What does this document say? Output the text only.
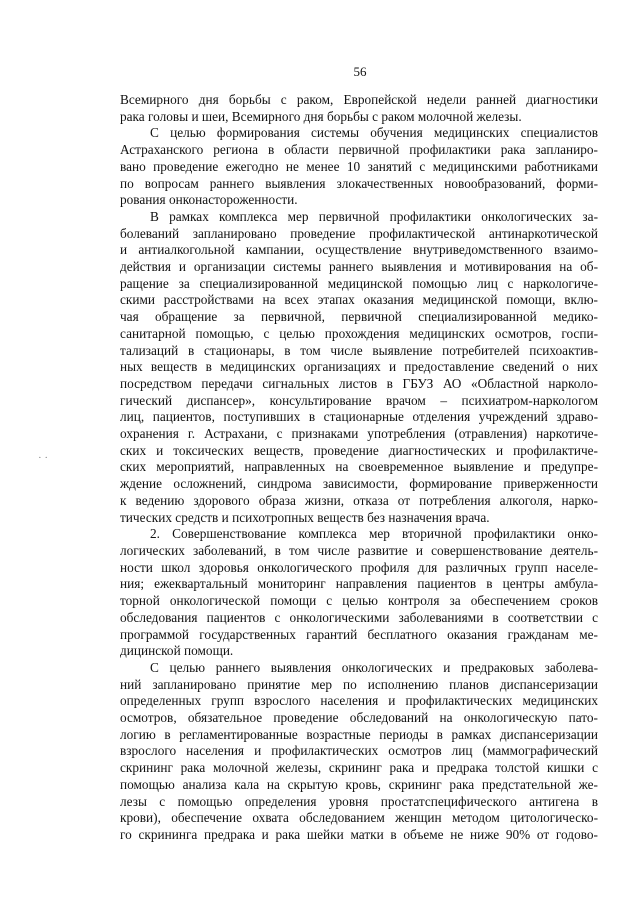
56

Всемирного дня борьбы с раком, Европейской недели ранней диагностики
рака головы и шеи, Всемирного дня борьбы с раком молочной железы.

С целью формирования системы обучения медицинских специалистов
Астраханского региона в области первичной профилактики рака запланиро-
вано проведение ежегодно не менее 10 занятий с медицинскими работниками
по вопросам раннего выявления злокачественных новообразований, форми-
рования онконастороженности.

В рамках комплекса мер первичной профилактики онкологических за-
болеваний запланировано проведение профилактической антинаркотической
и антиалкогольной кампании, осуществление внутриведомственного взаимо-
действия и организации системы раннего выявления и мотивирования на об-
ращение за специализированной медицинской помощью лиц с наркологиче-
скими расстройствами на всех этапах оказания медицинской помощи, вклю-
чая обращение за первичной, первичной специализированной медико-
санитарной помощью, с целью прохождения медицинских осмотров, госпи-
тализаций в стационары, в том числе выявление потребителей психоактив-
ных веществ в медицинских организациях и предоставление сведений о них
посредством передачи сигнальных листов в ГБУЗ АО «Областной нарколо-
гический диспансер», консультирование врачом – психиатром-наркологом
лиц, пациентов, поступивших в стационарные отделения учреждений здраво-
охранения г. Астрахани, с признаками употребления (отравления) наркотиче-
ских и токсических веществ, проведение диагностических и профилактиче-
ских мероприятий, направленных на своевременное выявление и предупре-
ждение осложнений, синдрома зависимости, формирование приверженности
к ведению здорового образа жизни, отказа от потребления алкоголя, нарко-
тических средств и психотропных веществ без назначения врача.

2. Совершенствование комплекса мер вторичной профилактики онко-
логических заболеваний, в том числе развитие и совершенствование деятель-
ности школ здоровья онкологического профиля для различных групп населе-
ния; ежеквартальный мониторинг направления пациентов в центры амбула-
торной онкологической помощи с целью контроля за обеспечением сроков
обследования пациентов с онкологическими заболеваниями в соответствии с
программой государственных гарантий бесплатного оказания гражданам ме-
дицинской помощи.

С целью раннего выявления онкологических и предраковых заболева-
ний запланировано принятие мер по исполнению планов диспансеризации
определенных групп взрослого населения и профилактических медицинских
осмотров, обязательное проведение обследований на онкологическую пато-
логию в регламентированные возрастные периоды в рамках диспансеризации
взрослого населения и профилактических осмотров лиц (маммографический
скрининг рака молочной железы, скрининг рака и предрака толстой кишки с
помощью анализа кала на скрытую кровь, скрининг рака предстательной же-
лезы с помощью определения уровня простатспецифического антигена в
крови), обеспечение охвата обследованием женщин методом цитологическо-
го скрининга предрака и рака шейки матки в объеме не ниже 90% от годово-

· ·
